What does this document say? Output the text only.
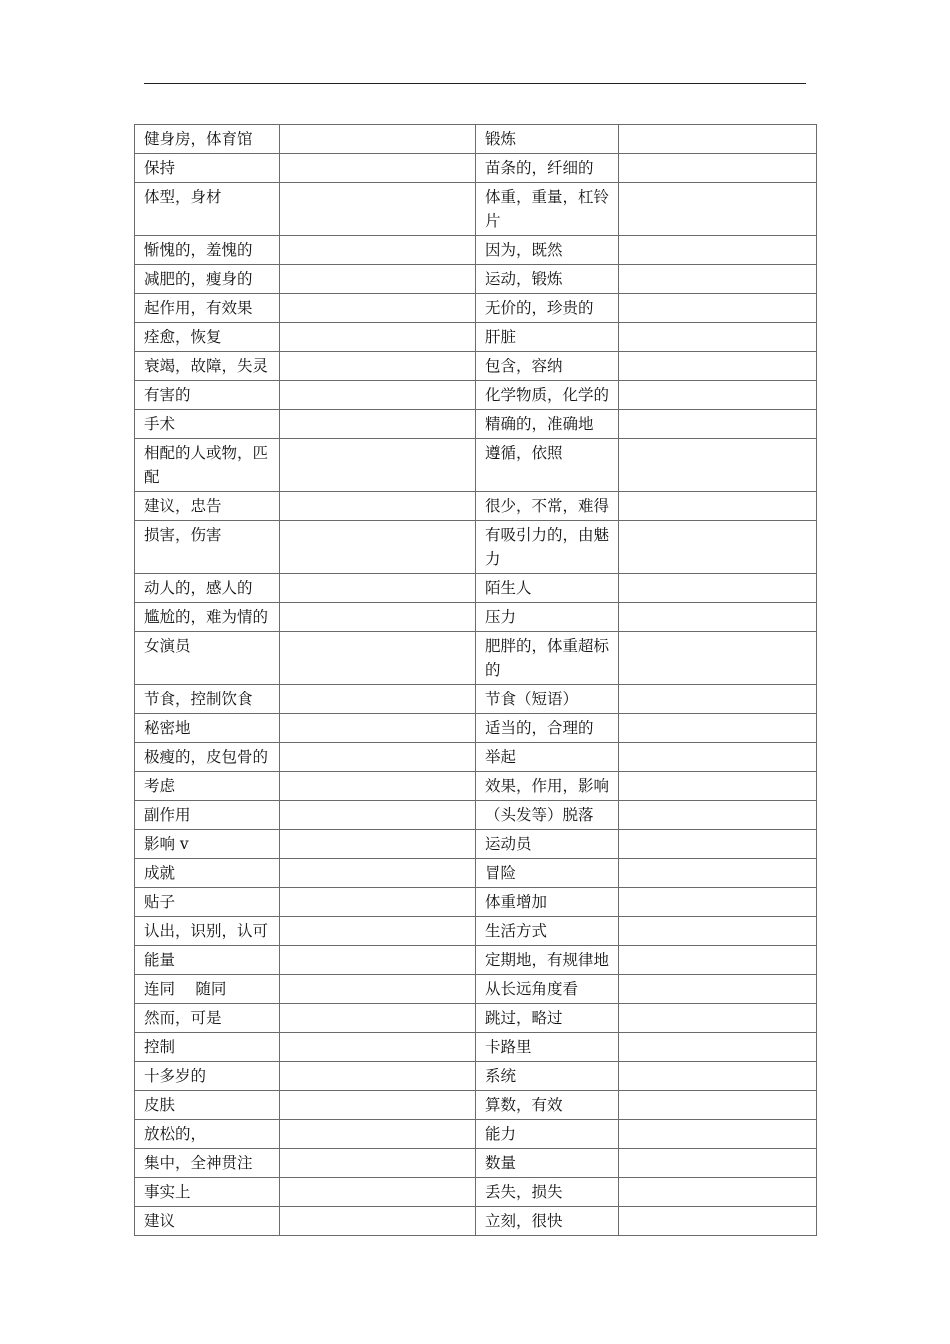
健身房，体育馆		锻炼	
保持		苗条的，纤细的	
体型，身材		体重，重量，杠铃片	
惭愧的，羞愧的		因为，既然	
减肥的，瘦身的		运动，锻炼	
起作用，有效果		无价的，珍贵的	
痊愈，恢复		肝脏	
衰竭，故障，失灵		包含，容纳	
有害的		化学物质，化学的	
手术		精确的，准确地	
相配的人或物，匹配		遵循，依照	
建议，忠告		很少，不常，难得	
损害，伤害		有吸引力的，由魅力	
动人的，感人的		陌生人	
尴尬的，难为情的		压力	
女演员		肥胖的，体重超标的	
节食，控制饮食		节食（短语）	
秘密地		适当的，合理的	
极瘦的，皮包骨的		举起	
考虑		效果，作用，影响	
副作用		（头发等）脱落	
影响 v		运动员	
成就		冒险	
贴子		体重增加	
认出，识别，认可		生活方式	
能量		定期地，有规律地	
连同　 随同		从长远角度看	
然而，可是		跳过，略过	
控制		卡路里	
十多岁的		系统	
皮肤		算数，有效	
放松的，		能力	
集中，全神贯注		数量	
事实上		丢失，损失	
建议		立刻，很快	
